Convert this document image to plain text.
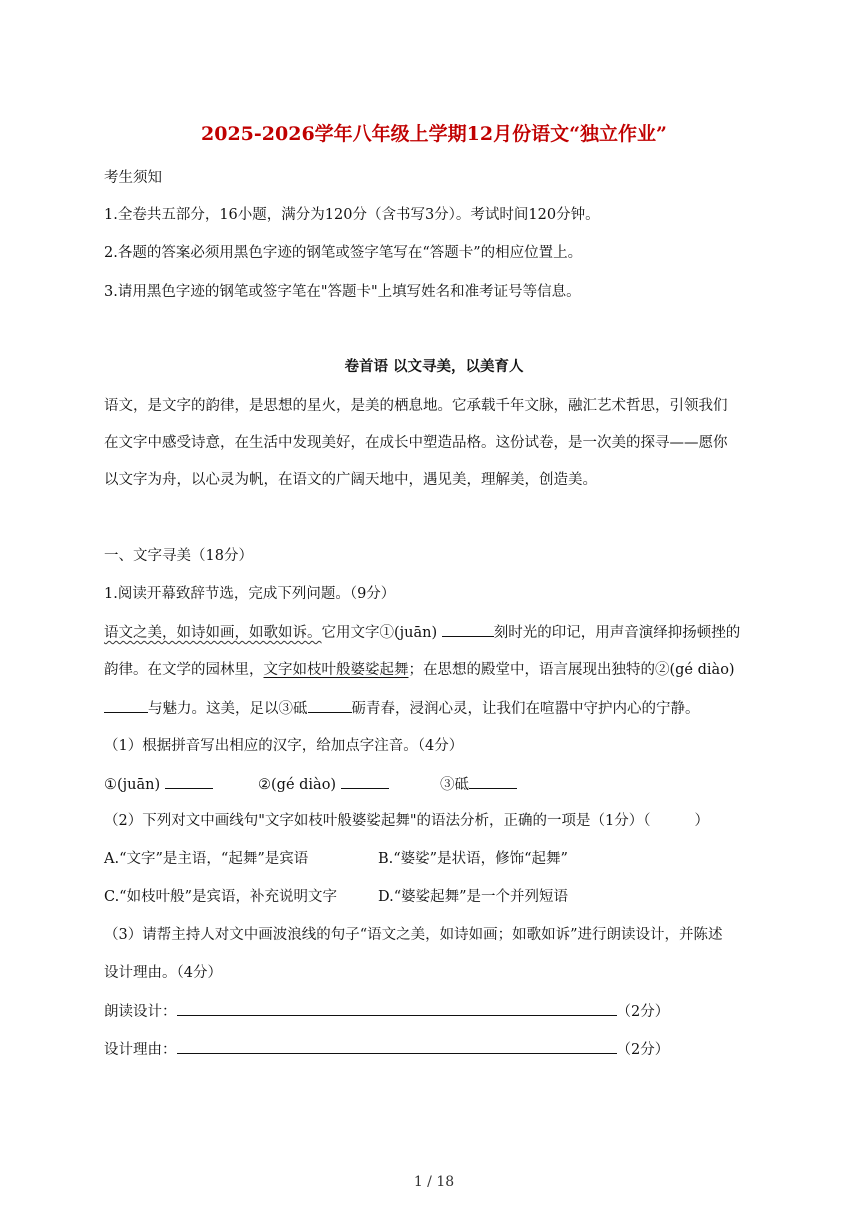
2025-2026学年八年级上学期12月份语文“独立作业”
考生须知
1.全卷共五部分，16小题，满分为120分（含书写3分）。考试时间120分钟。
2.各题的答案必须用黑色字迹的钢笔或签字笔写在“答题卡”的相应位置上。
3.请用黑色字迹的钢笔或签字笔在"答题卡"上填写姓名和准考证号等信息。
卷首语 以文寻美，以美育人
语文，是文字的韵律，是思想的星火，是美的栖息地。它承载千年文脉，融汇艺术哲思，引领我们
在文字中感受诗意，在生活中发现美好，在成长中塑造品格。这份试卷，是一次美的探寻——愿你
以文字为舟，以心灵为帆，在语文的广阔天地中，遇见美，理解美，创造美。
一、文字寻美（18分）
1.阅读开幕致辞节选，完成下列问题。（9分）
语文之美，如诗如画，如歌如诉。它用文字①(juān)	刻时光的印记，用声音演绎抑扬顿挫的
韵律。在文学的园林里，文字如枝叶般婆娑起舞；在思想的殿堂中，语言展现出独特的②(gé diào)
与魅力。这美，足以③砥	砺青春，浸润心灵，让我们在喧嚣中守护内心的宁静。
（1）根据拼音写出相应的汉字，给加点字注音。（4分）
①(juān)	②(gé diào)	③砥
（2）下列对文中画线句"文字如枝叶般婆娑起舞"的语法分析，正确的一项是（1分）（	）
A.“文字”是主语，“起舞”是宾语	B.“婆娑”是状语，修饰“起舞”
C.“如枝叶般”是宾语，补充说明文字	D.“婆娑起舞”是一个并列短语
（3）请帮主持人对文中画波浪线的句子“语文之美，如诗如画；如歌如诉”进行朗读设计，并陈述
设计理由。（4分）
朗读设计：	（2分）
设计理由：	（2分）
1 / 18
